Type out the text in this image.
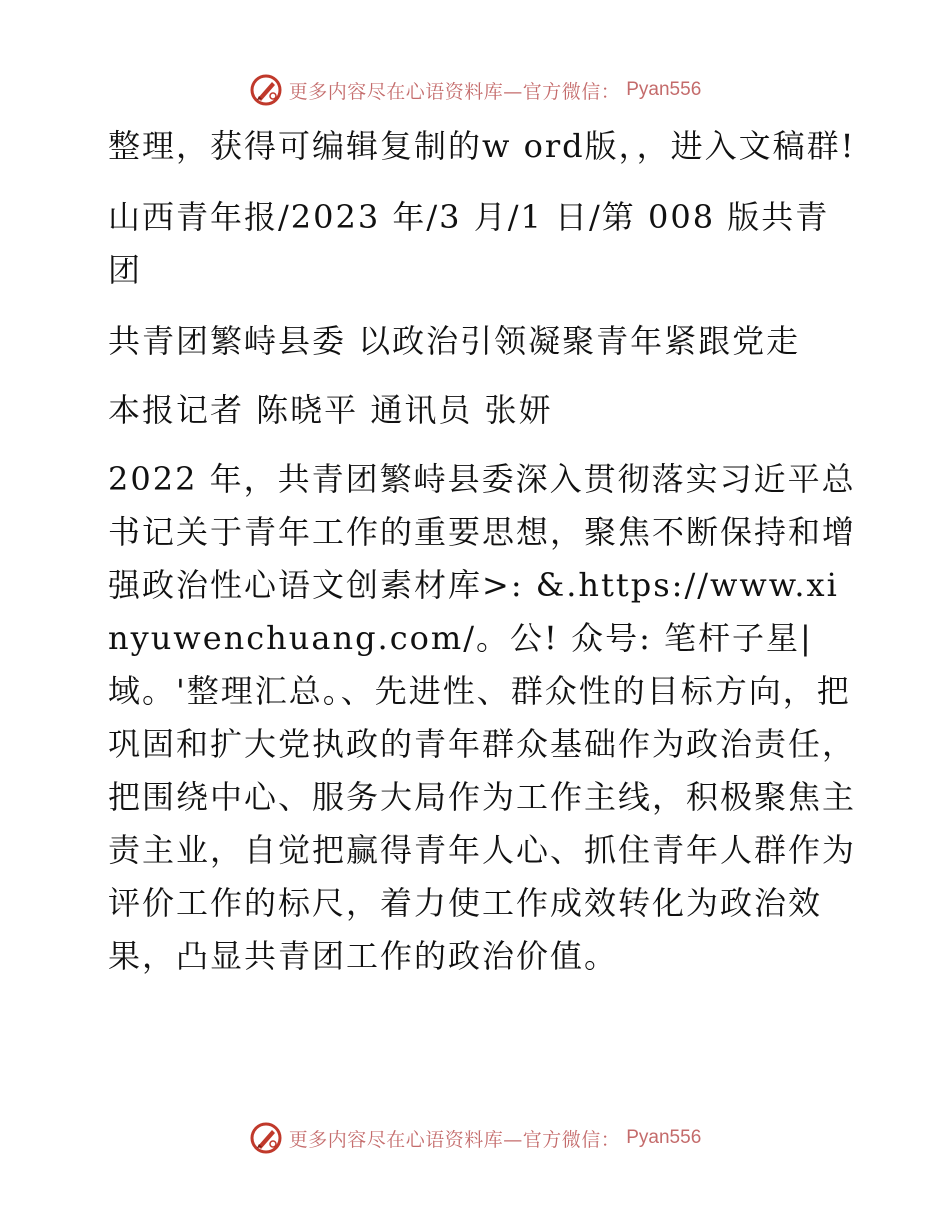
更多内容尽在心语资料库—官方微信： Pyan556

整理，获得可编辑复制的w ord版，，进入文稿群!

山西青年报/2023 年/3 月/1 日/第 008 版共青团

共青团繁峙县委 以政治引领凝聚青年紧跟党走

本报记者 陈晓平 通讯员 张妍

2022 年，共青团繁峙县委深入贯彻落实习近平总书记关于青年工作的重要思想，聚焦不断保持和增强政治性心语文创素材库>: &.https://www.xinyuwenchuang.com/。公! 众号: 笔杆子星|域。'整理汇总。、先进性、群众性的目标方向，把巩固和扩大党执政的青年群众基础作为政治责任，把围绕中心、服务大局作为工作主线，积极聚焦主责主业，自觉把赢得青年人心、抓住青年人群作为评价工作的标尺，着力使工作成效转化为政治效果，凸显共青团工作的政治价值。

更多内容尽在心语资料库—官方微信： Pyan556
